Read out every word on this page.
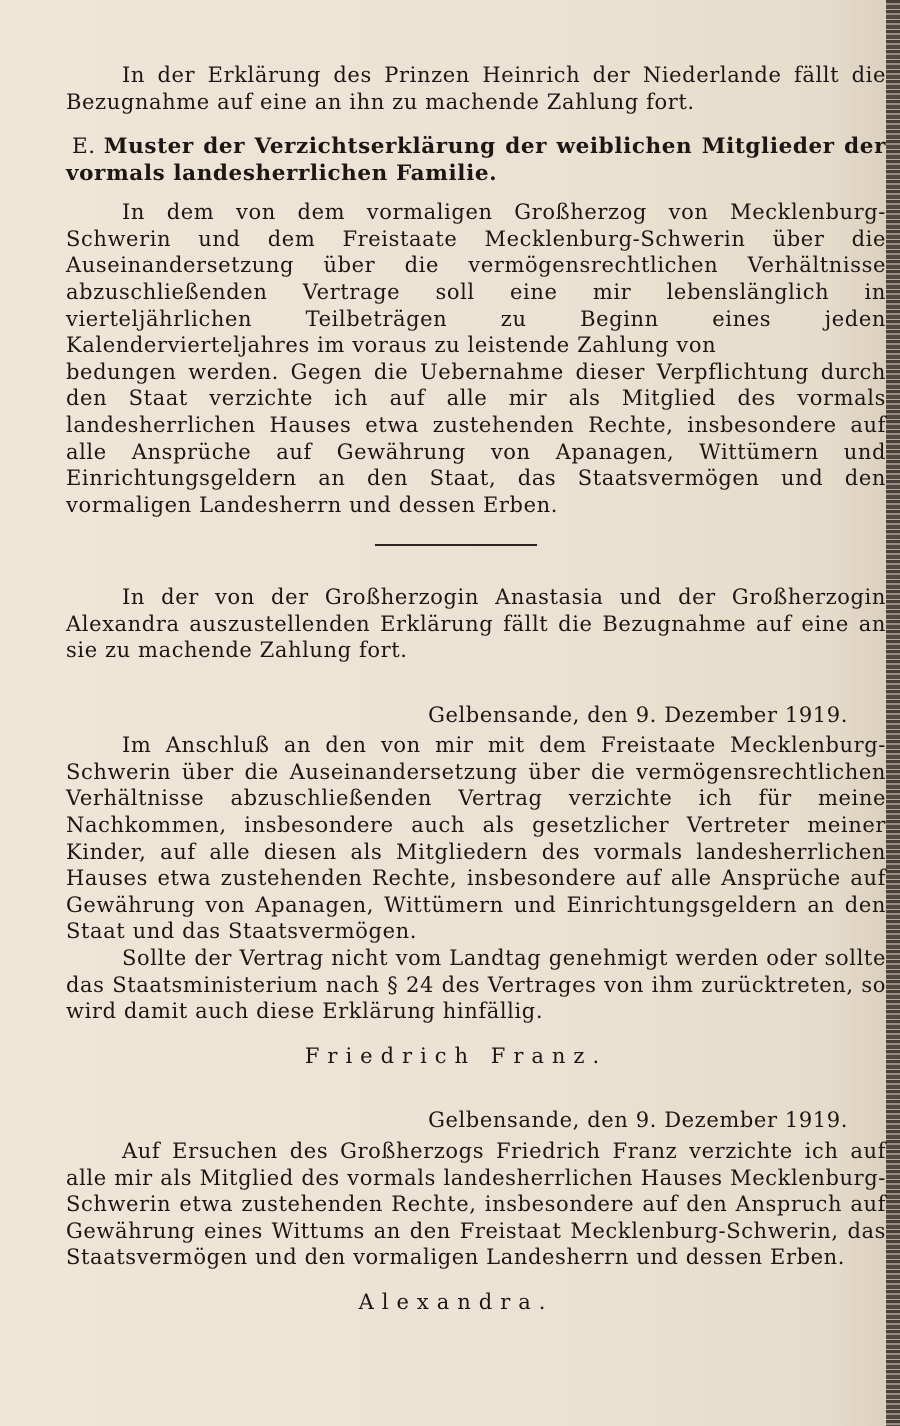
In der Erklärung des Prinzen Heinrich der Niederlande fällt die Bezugnahme auf eine an ihn zu machende Zahlung fort.

E. Muster der Verzichtserklärung der weiblichen Mitglieder der vormals landesherrlichen Familie.

In dem von dem vormaligen Großherzog von Mecklenburg-Schwerin und dem Freistaate Mecklenburg-Schwerin über die Auseinandersetzung über die vermögensrechtlichen Verhältnisse abzuschließenden Vertrage soll eine mir lebenslänglich in vierteljährlichen Teilbeträgen zu Beginn eines jeden Kalendervierteljahres im voraus zu leistende Zahlung von

bedungen werden. Gegen die Uebernahme dieser Verpflichtung durch den Staat verzichte ich auf alle mir als Mitglied des vormals landesherrlichen Hauses etwa zustehenden Rechte, insbesondere auf alle Ansprüche auf Gewährung von Apanagen, Wittümern und Einrichtungsgeldern an den Staat, das Staatsvermögen und den vormaligen Landesherrn und dessen Erben.

In der von der Großherzogin Anastasia und der Großherzogin Alexandra auszustellenden Erklärung fällt die Bezugnahme auf eine an sie zu machende Zahlung fort.

Gelbensande, den 9. Dezember 1919.

Im Anschluß an den von mir mit dem Freistaate Mecklenburg-Schwerin über die Auseinandersetzung über die vermögensrechtlichen Verhältnisse abzuschließenden Vertrag verzichte ich für meine Nachkommen, insbesondere auch als gesetzlicher Vertreter meiner Kinder, auf alle diesen als Mitgliedern des vormals landesherrlichen Hauses etwa zustehenden Rechte, insbesondere auf alle Ansprüche auf Gewährung von Apanagen, Wittümern und Einrichtungsgeldern an den Staat und das Staatsvermögen.

Sollte der Vertrag nicht vom Landtag genehmigt werden oder sollte das Staatsministerium nach § 24 des Vertrages von ihm zurücktreten, so wird damit auch diese Erklärung hinfällig.

Friedrich Franz.

Gelbensande, den 9. Dezember 1919.

Auf Ersuchen des Großherzogs Friedrich Franz verzichte ich auf alle mir als Mitglied des vormals landesherrlichen Hauses Mecklenburg-Schwerin etwa zustehenden Rechte, insbesondere auf den Anspruch auf Gewährung eines Wittums an den Freistaat Mecklenburg-Schwerin, das Staatsvermögen und den vormaligen Landesherrn und dessen Erben.

Alexandra.
